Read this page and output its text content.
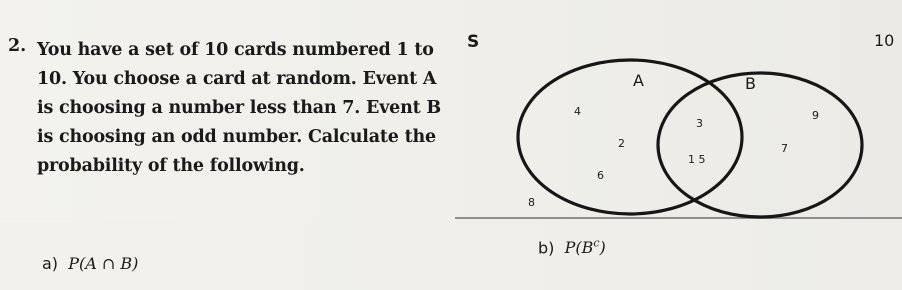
2. You have a set of 10 cards numbered 1 to
10. You choose a card at random. Event A
is choosing a number less than 7. Event B
is choosing an odd number. Calculate the
probability of the following.
S	10
A	B
4
2
6
3
1 5
9
7
8
a) P(A ∩ B)
b) $P(B^c)$
